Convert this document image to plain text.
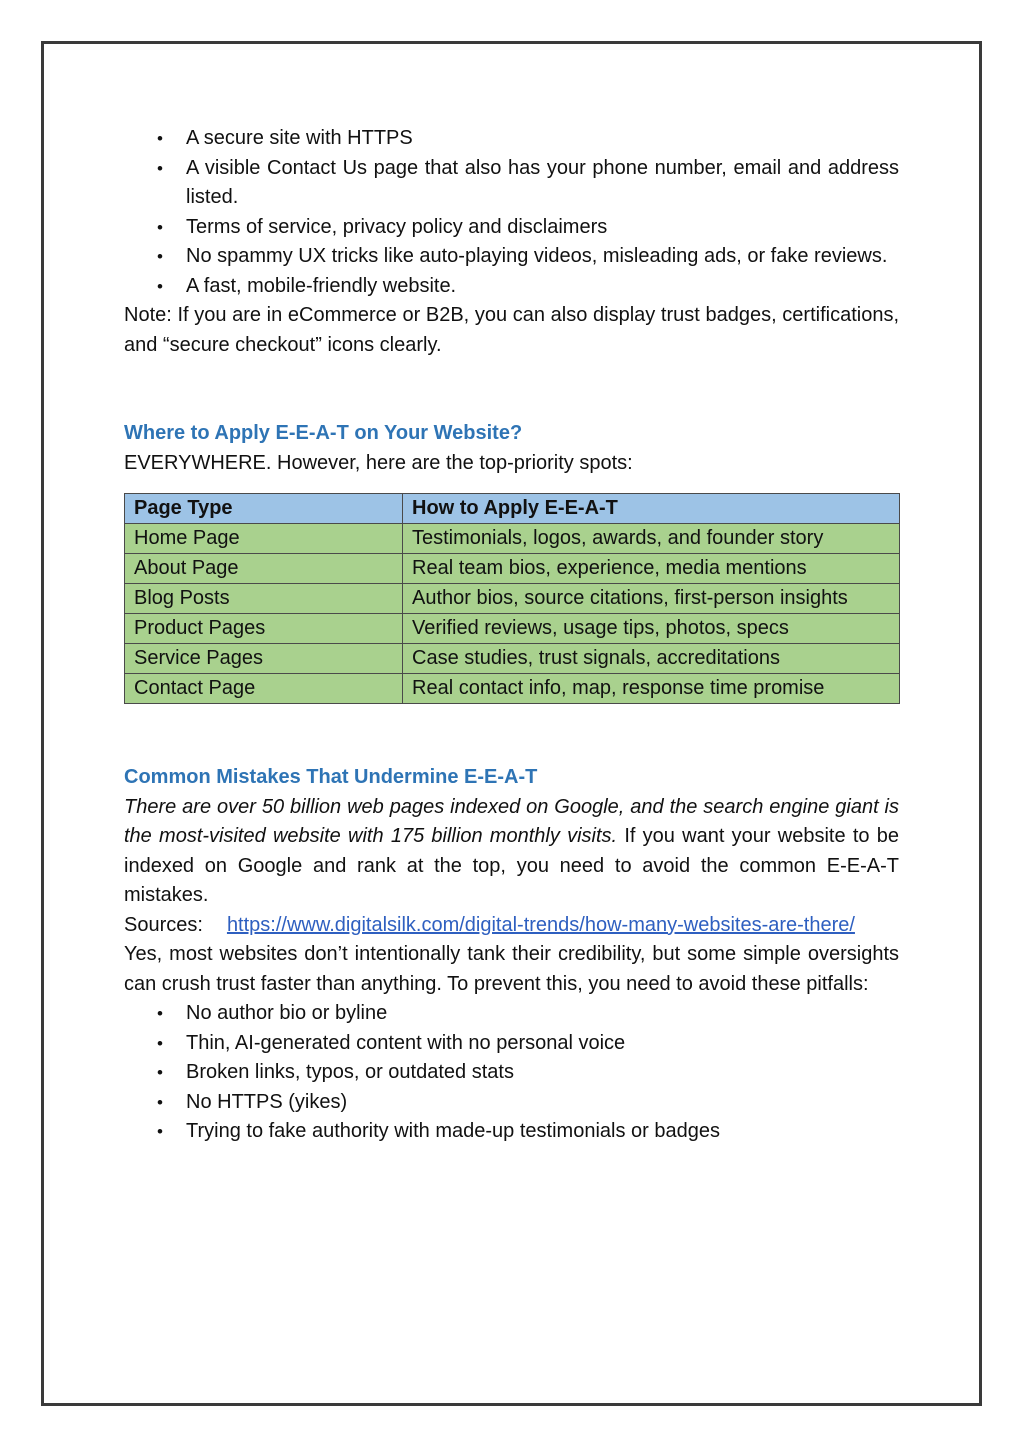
• A secure site with HTTPS
• A visible Contact Us page that also has your phone number, email and address listed.
• Terms of service, privacy policy and disclaimers
• No spammy UX tricks like auto-playing videos, misleading ads, or fake reviews.
• A fast, mobile-friendly website.

Note: If you are in eCommerce or B2B, you can also display trust badges, certifications, and “secure checkout” icons clearly.

Where to Apply E-E-A-T on Your Website?

EVERYWHERE. However, here are the top-priority spots:

Page Type	How to Apply E-E-A-T
Home Page	Testimonials, logos, awards, and founder story
About Page	Real team bios, experience, media mentions
Blog Posts	Author bios, source citations, first-person insights
Product Pages	Verified reviews, usage tips, photos, specs
Service Pages	Case studies, trust signals, accreditations
Contact Page	Real contact info, map, response time promise
Common Mistakes That Undermine E-E-A-T

There are over 50 billion web pages indexed on Google, and the search engine giant is the most-visited website with 175 billion monthly visits. If you want your website to be indexed on Google and rank at the top, you need to avoid the common E-E-A-T mistakes.

Sources: https://www.digitalsilk.com/digital-trends/how-many-websites-are-there/

Yes, most websites don’t intentionally tank their credibility, but some simple oversights can crush trust faster than anything. To prevent this, you need to avoid these pitfalls:

• No author bio or byline
• Thin, AI-generated content with no personal voice
• Broken links, typos, or outdated stats
• No HTTPS (yikes)
• Trying to fake authority with made-up testimonials or badges
